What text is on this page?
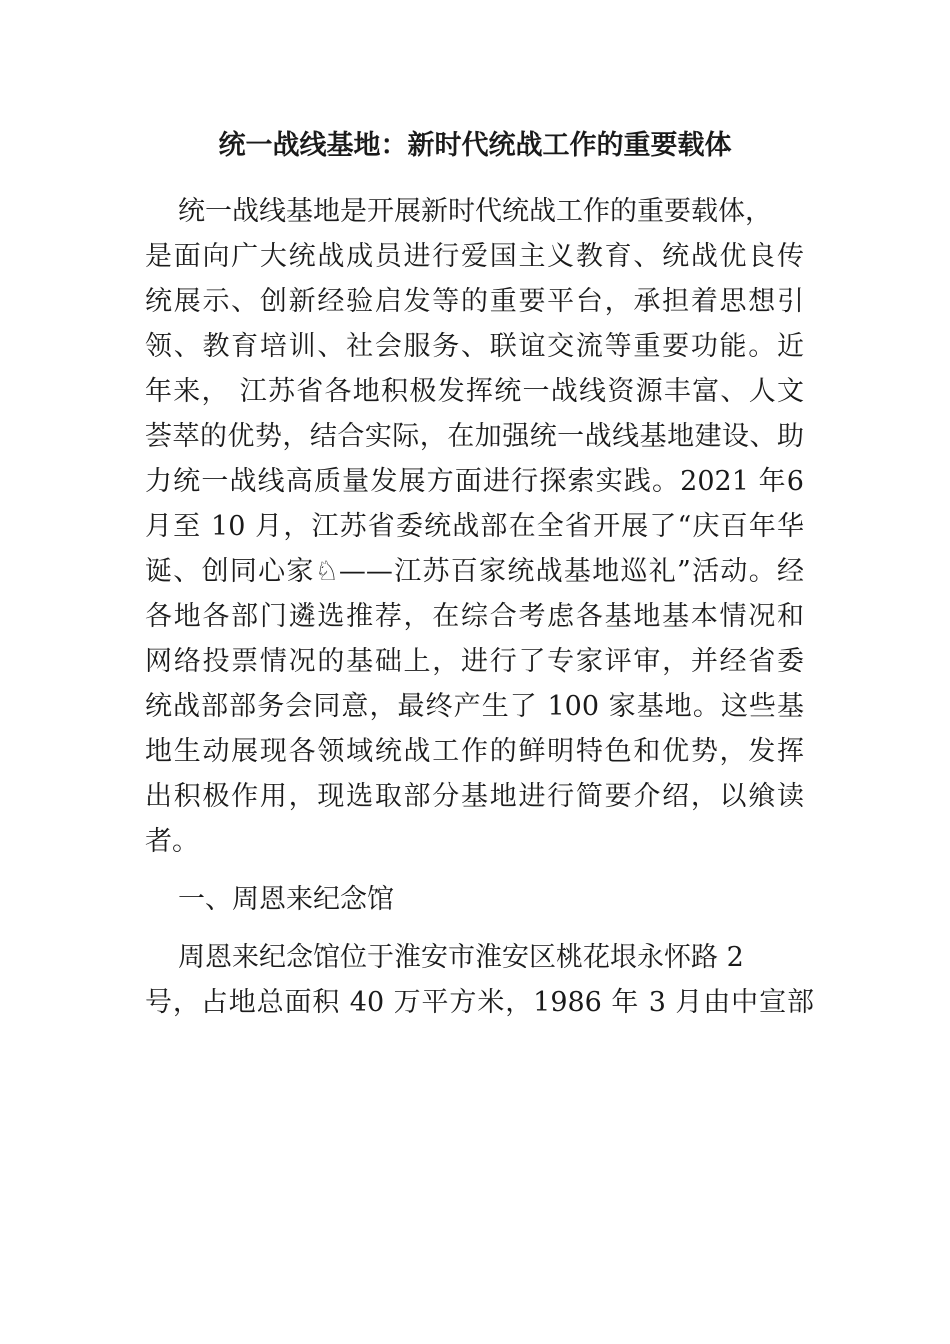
统一战线基地：新时代统战工作的重要载体
统一战线基地是开展新时代统战工作的重要载体，
是面向广大统战成员进行爱国主义教育、统战优良传
统展示、创新经验启发等的重要平台，承担着思想引
领、教育培训、社会服务、联谊交流等重要功能。近
年来， 江苏省各地积极发挥统一战线资源丰富、人文
荟萃的优势，结合实际，在加强统一战线基地建设、助
力统一战线高质量发展方面进行探索实践。2021 年6
月至 10 月，江苏省委统战部在全省开展了“庆百年华
诞、创同心家♘——江苏百家统战基地巡礼”活动。经
各地各部门遴选推荐，在综合考虑各基地基本情况和
网络投票情况的基础上，进行了专家评审，并经省委
统战部部务会同意，最终产生了 100 家基地。这些基
地生动展现各领域统战工作的鲜明特色和优势，发挥
出积极作用，现选取部分基地进行简要介绍，以飨读
者。
一、周恩来纪念馆
周恩来纪念馆位于淮安市淮安区桃花垠永怀路 2
号，占地总面积 40 万平方米，1986 年 3 月由中宣部
